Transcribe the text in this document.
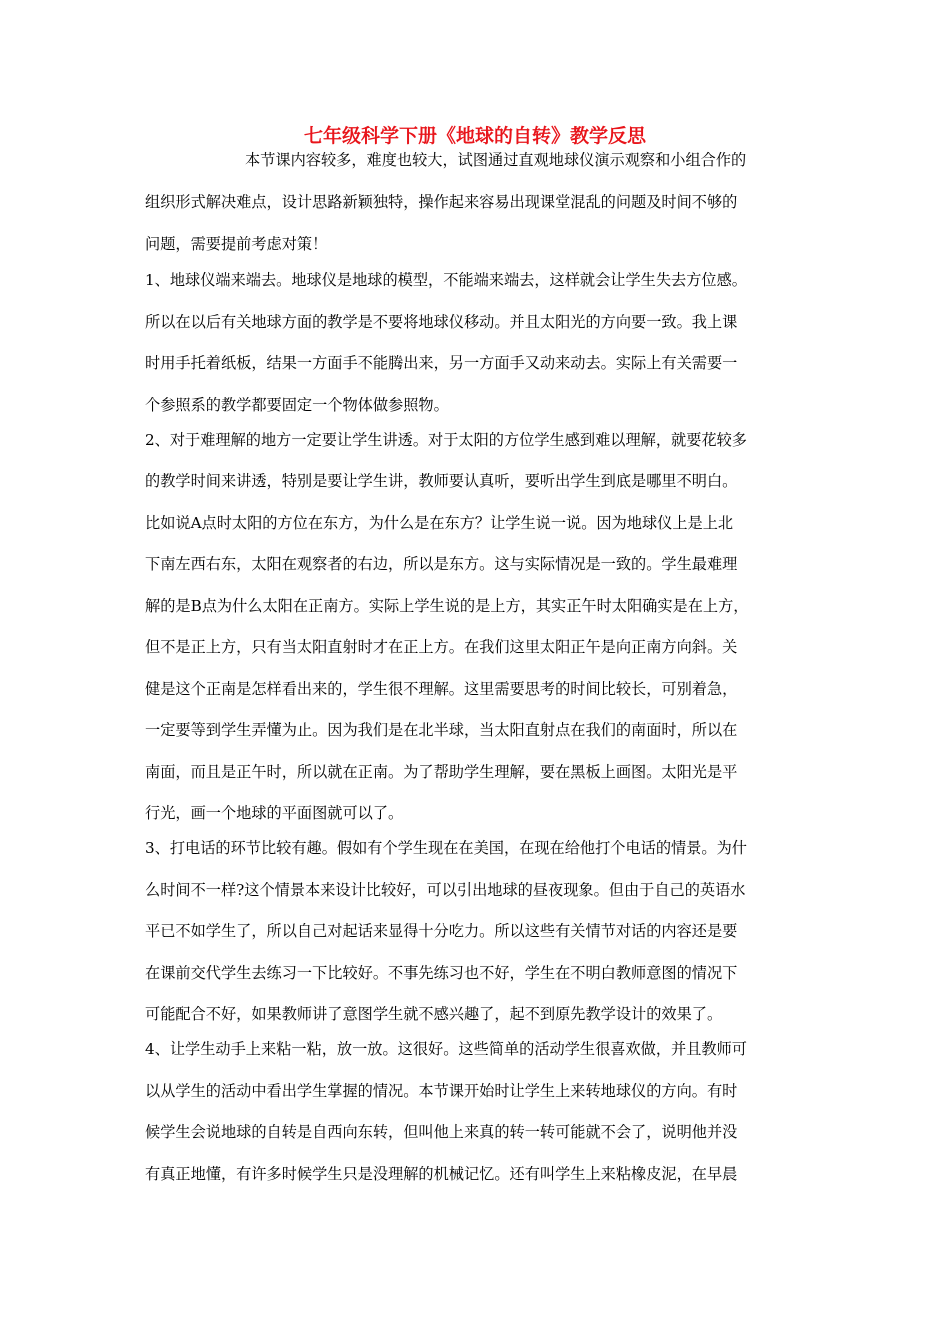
七年级科学下册《地球的自转》教学反思
本节课内容较多，难度也较大，试图通过直观地球仪演示观察和小组合作的
组织形式解决难点，设计思路新颖独特，操作起来容易出现课堂混乱的问题及时间不够的
问题，需要提前考虑对策！
1、地球仪端来端去。地球仪是地球的模型，不能端来端去，这样就会让学生失去方位感。
所以在以后有关地球方面的教学是不要将地球仪移动。并且太阳光的方向要一致。我上课
时用手托着纸板，结果一方面手不能腾出来，另一方面手又动来动去。实际上有关需要一
个参照系的教学都要固定一个物体做参照物。
2、对于难理解的地方一定要让学生讲透。对于太阳的方位学生感到难以理解，就要花较多
的教学时间来讲透，特别是要让学生讲，教师要认真听，要听出学生到底是哪里不明白。
比如说A点时太阳的方位在东方，为什么是在东方？让学生说一说。因为地球仪上是上北
下南左西右东，太阳在观察者的右边，所以是东方。这与实际情况是一致的。学生最难理
解的是B点为什么太阳在正南方。实际上学生说的是上方，其实正午时太阳确实是在上方，
但不是正上方，只有当太阳直射时才在正上方。在我们这里太阳正午是向正南方向斜。关
健是这个正南是怎样看出来的，学生很不理解。这里需要思考的时间比较长，可别着急，
一定要等到学生弄懂为止。因为我们是在北半球，当太阳直射点在我们的南面时，所以在
南面，而且是正午时，所以就在正南。为了帮助学生理解，要在黑板上画图。太阳光是平
行光，画一个地球的平面图就可以了。
3、打电话的环节比较有趣。假如有个学生现在在美国，在现在给他打个电话的情景。为什
么时间不一样?这个情景本来设计比较好，可以引出地球的昼夜现象。但由于自己的英语水
平已不如学生了，所以自己对起话来显得十分吃力。所以这些有关情节对话的内容还是要
在课前交代学生去练习一下比较好。不事先练习也不好，学生在不明白教师意图的情况下
可能配合不好，如果教师讲了意图学生就不感兴趣了，起不到原先教学设计的效果了。
4、让学生动手上来粘一粘，放一放。这很好。这些简单的活动学生很喜欢做，并且教师可
以从学生的活动中看出学生掌握的情况。本节课开始时让学生上来转地球仪的方向。有时
候学生会说地球的自转是自西向东转，但叫他上来真的转一转可能就不会了，说明他并没
有真正地懂，有许多时候学生只是没理解的机械记忆。还有叫学生上来粘橡皮泥，在早晨
